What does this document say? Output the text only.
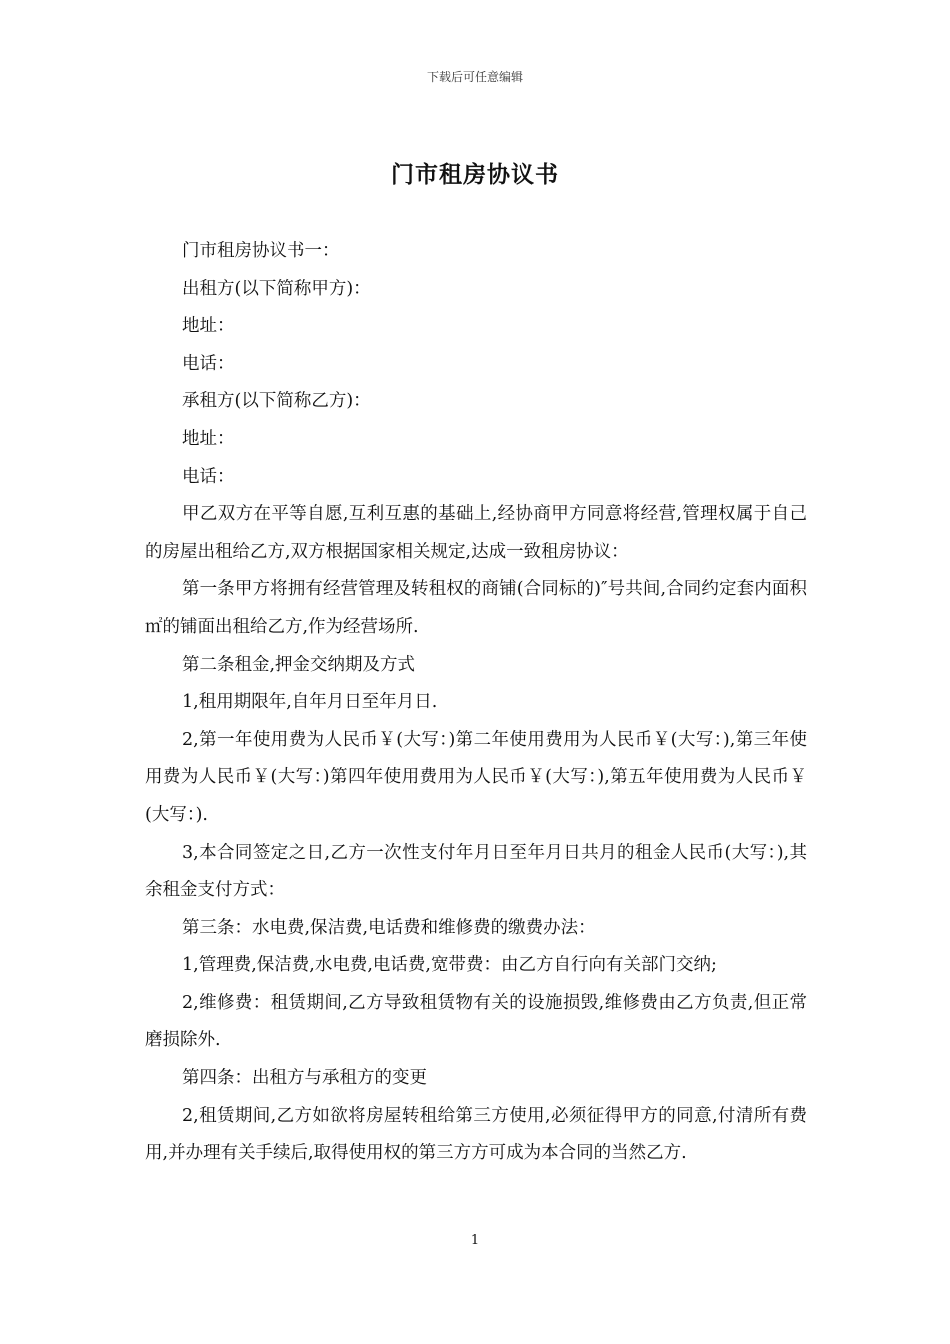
下载后可任意编辑
门市租房协议书

门市租房协议书一：

出租方(以下简称甲方)：

地址：

电话：

承租方(以下简称乙方)：

地址：

电话：

甲乙双方在平等自愿,互利互惠的基础上,经协商甲方同意将经营,管理权属于自己的房屋出租给乙方,双方根据国家相关规定,达成一致租房协议：

第一条甲方将拥有经营管理及转租权的商铺(合同标的)″号共间,合同约定套内面积㎡的铺面出租给乙方,作为经营场所.

第二条租金,押金交纳期及方式

1,租用期限年,自年月日至年月日.

2,第一年使用费为人民币￥(大写：)第二年使用费用为人民币￥(大写：),第三年使用费为人民币￥(大写：)第四年使用费用为人民币￥(大写：),第五年使用费为人民币￥(大写：).

3,本合同签定之日,乙方一次性支付年月日至年月日共月的租金人民币(大写：),其余租金支付方式：

第三条：水电费,保洁费,电话费和维修费的缴费办法：

1,管理费,保洁费,水电费,电话费,宽带费：由乙方自行向有关部门交纳;

2,维修费：租赁期间,乙方导致租赁物有关的设施损毁,维修费由乙方负责,但正常磨损除外.

第四条：出租方与承租方的变更

2,租赁期间,乙方如欲将房屋转租给第三方使用,必须征得甲方的同意,付清所有费用,并办理有关手续后,取得使用权的第三方方可成为本合同的当然乙方.

1
